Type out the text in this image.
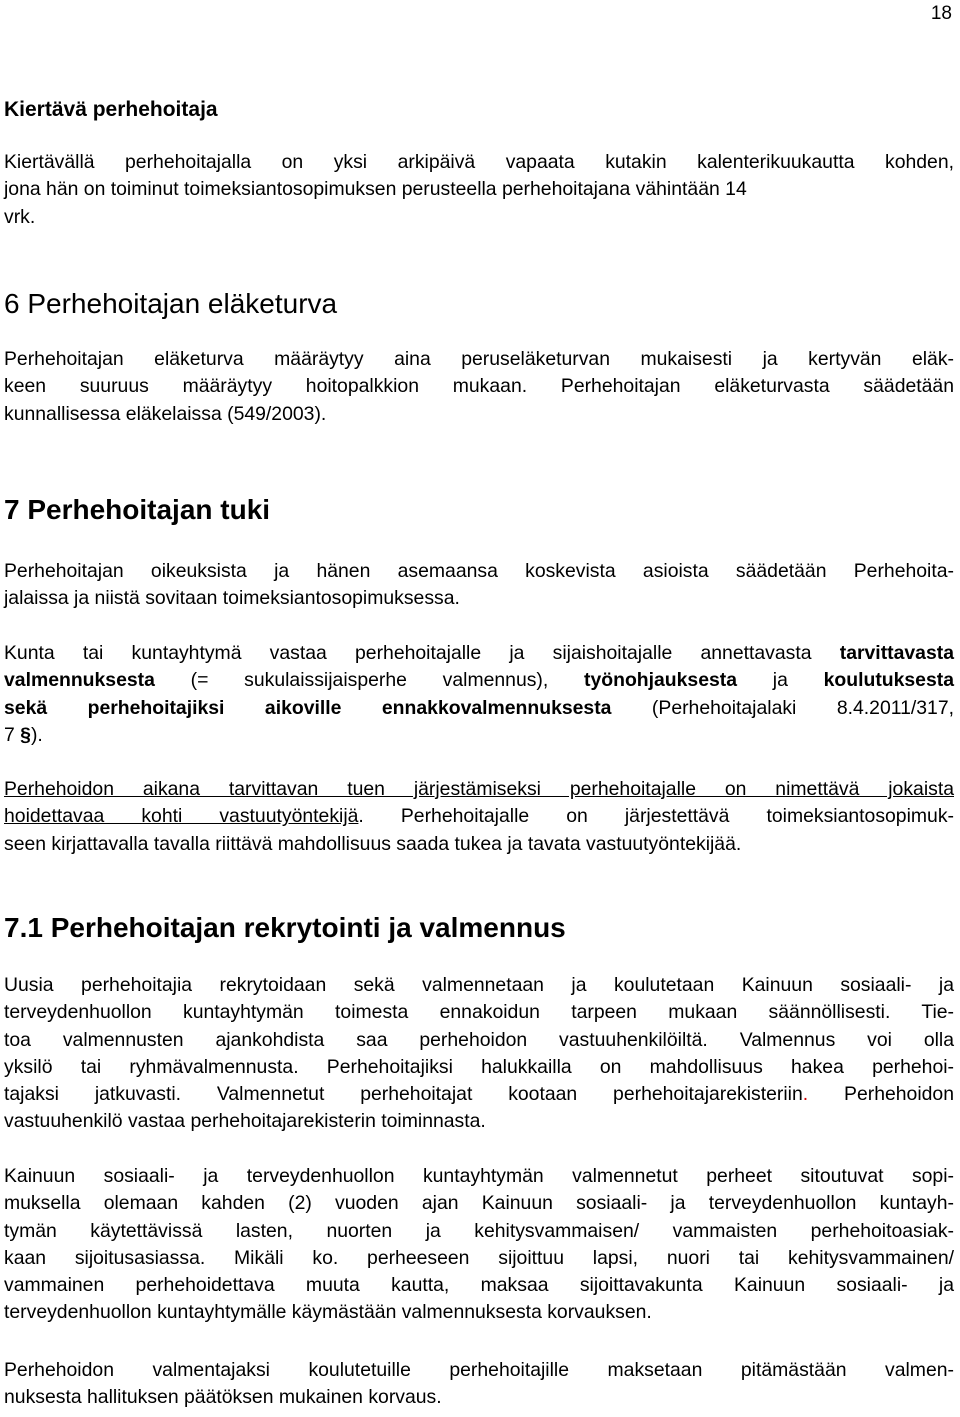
18
Kiertävä perhehoitaja

Kiertävällä perhehoitajalla on yksi arkipäivä vapaata kutakin kalenterikuukautta kohden,
jona hän on toiminut toimeksiantosopimuksen perusteella perhehoitajana vähintään 14
vrk.

6 Perhehoitajan eläketurva

Perhehoitajan eläketurva määräytyy aina peruseläketurvan mukaisesti ja kertyvän eläk-
keen suuruus määräytyy hoitopalkkion mukaan. Perhehoitajan eläketurvasta säädetään
kunnallisessa eläkelaissa (549/2003).

7 Perhehoitajan tuki

Perhehoitajan oikeuksista ja hänen asemaansa koskevista asioista säädetään Perhehoita-
jalaissa ja niistä sovitaan toimeksiantosopimuksessa.

Kunta tai kuntayhtymä vastaa perhehoitajalle ja sijaishoitajalle annettavasta tarvittavasta
valmennuksesta (= sukulaissijaisperhe valmennus), työnohjauksesta ja koulutuksesta
sekä perhehoitajiksi aikoville ennakkovalmennuksesta (Perhehoitajalaki 8.4.2011/317,
7 §).

Perhehoidon aikana tarvittavan tuen järjestämiseksi perhehoitajalle on nimettävä jokaista
hoidettavaa kohti vastuutyöntekijä. Perhehoitajalle on järjestettävä toimeksiantosopimuk-
seen kirjattavalla tavalla riittävä mahdollisuus saada tukea ja tavata vastuutyöntekijää.

7.1 Perhehoitajan rekrytointi ja valmennus

Uusia perhehoitajia rekrytoidaan sekä valmennetaan ja koulutetaan Kainuun sosiaali- ja
terveydenhuollon kuntayhtymän toimesta ennakoidun tarpeen mukaan säännöllisesti. Tie-
toa valmennusten ajankohdista saa perhehoidon vastuuhenkilöiltä. Valmennus voi olla
yksilö tai ryhmävalmennusta. Perhehoitajiksi halukkailla on mahdollisuus hakea perhehoi-
tajaksi jatkuvasti. Valmennetut perhehoitajat kootaan perhehoitajarekisteriin. Perhehoidon
vastuuhenkilö vastaa perhehoitajarekisterin toiminnasta.

Kainuun sosiaali- ja terveydenhuollon kuntayhtymän valmennetut perheet sitoutuvat sopi-
muksella olemaan kahden (2) vuoden ajan Kainuun sosiaali- ja terveydenhuollon kuntayh-
tymän käytettävissä lasten, nuorten ja kehitysvammaisen/ vammaisten perhehoitoasiak-
kaan sijoitusasiassa. Mikäli ko. perheeseen sijoittuu lapsi, nuori tai kehitysvammainen/
vammainen perhehoidettava muuta kautta, maksaa sijoittavakunta Kainuun sosiaali- ja
terveydenhuollon kuntayhtymälle käymästään valmennuksesta korvauksen.

Perhehoidon valmentajaksi koulutetuille perhehoitajille maksetaan pitämästään valmen-
nuksesta hallituksen päätöksen mukainen korvaus.
